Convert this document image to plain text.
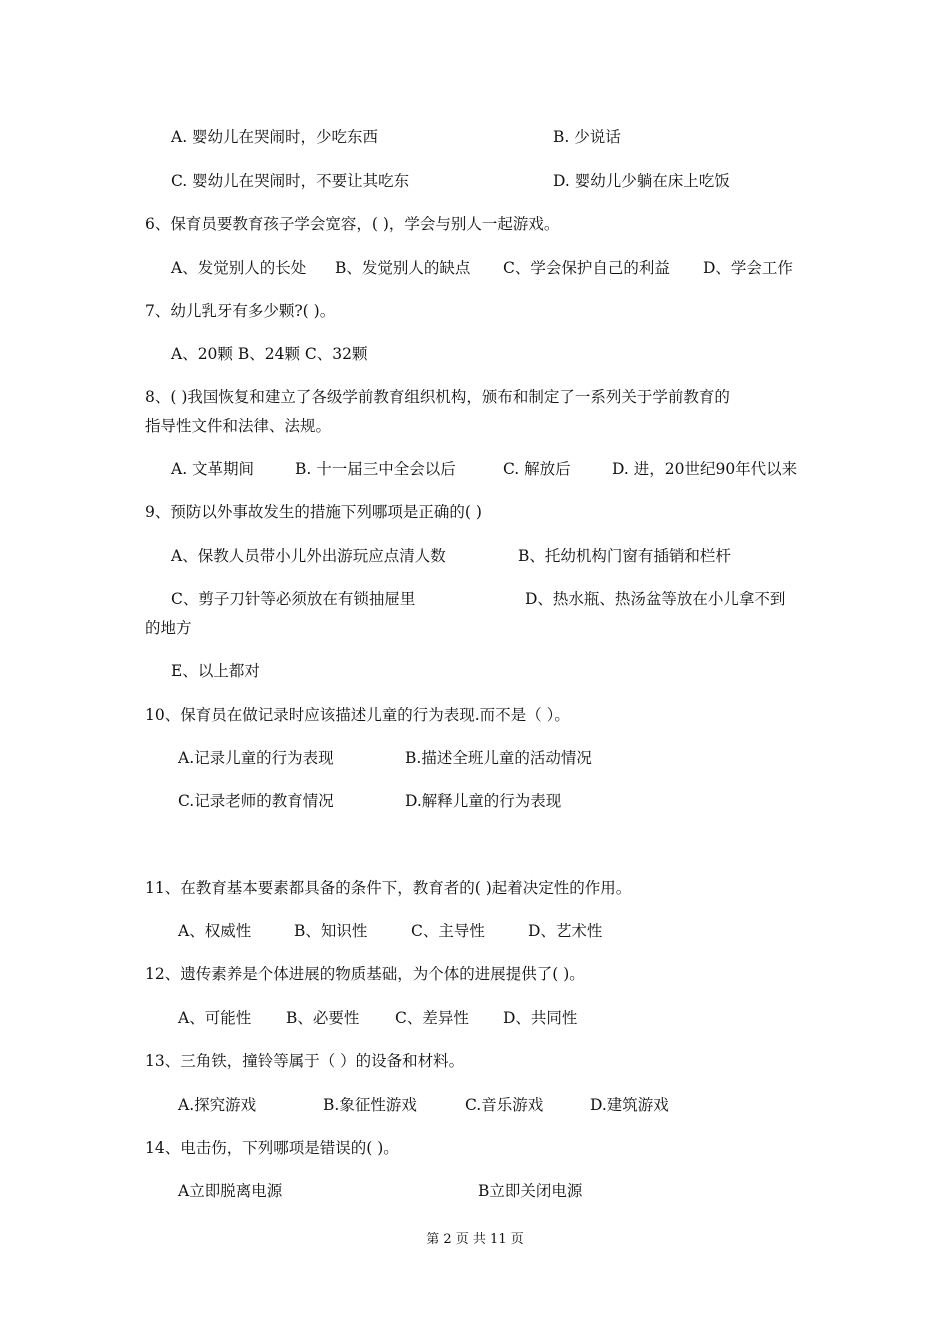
A. 婴幼儿在哭闹时，少吃东西	B. 少说话
C. 婴幼儿在哭闹时，不要让其吃东	D. 婴幼儿少躺在床上吃饭
6、保育员要教育孩子学会宽容，( )，学会与别人一起游戏。
A、发觉别人的长处 B、发觉别人的缺点 C、学会保护自己的利益 D、学会工作
7、幼儿乳牙有多少颗?( )。
A、20颗 B、24颗 C、32颗
8、( )我国恢复和建立了各级学前教育组织机构，颁布和制定了一系列关于学前教育的
指导性文件和法律、法规。
A. 文革期间	B. 十一届三中全会以后	C. 解放后	D. 进，20世纪90年代以来
9、预防以外事故发生的措施下列哪项是正确的( )
A、保教人员带小儿外出游玩应点清人数	B、托幼机构门窗有插销和栏杆
C、剪子刀针等必须放在有锁抽屉里	D、热水瓶、热汤盆等放在小儿拿不到
的地方
E、以上都对
10、保育员在做记录时应该描述儿童的行为表现.而不是（ ）。
A.记录儿童的行为表现	B.描述全班儿童的活动情况
C.记录老师的教育情况	D.解释儿童的行为表现
11、在教育基本要素都具备的条件下，教育者的( )起着决定性的作用。
A、权威性	B、知识性	C、主导性	D、艺术性
12、遗传素养是个体进展的物质基础，为个体的进展提供了( )。
A、可能性 B、必要性 C、差异性 D、共同性
13、三角铁，撞铃等属于（ ）的设备和材料。
A.探究游戏	B.象征性游戏	C.音乐游戏	D.建筑游戏
14、电击伤，下列哪项是错误的( )。
A立即脱离电源	B立即关闭电源
第 2 页 共 11 页
